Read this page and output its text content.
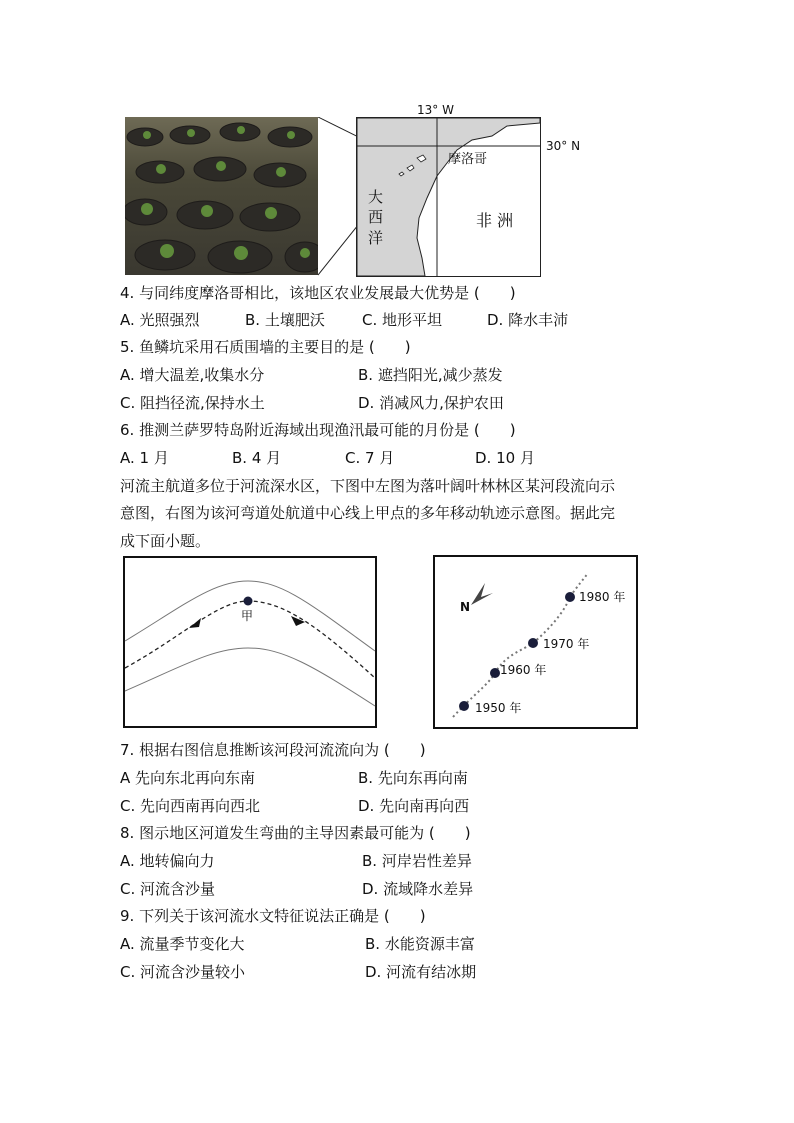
13° W
30° N
摩洛哥
大
西
洋
非 洲
4. 与同纬度摩洛哥相比，该地区农业发展最大优势是 (　　)
A. 光照强烈	B. 土壤肥沃 C. 地形平坦	D. 降水丰沛
5. 鱼鳞坑采用石质围墙的主要目的是 (　　)
A. 增大温差,收集水分	B. 遮挡阳光,减少蒸发
C. 阻挡径流,保持水土	D. 消减风力,保护农田
6. 推测兰萨罗特岛附近海域出现渔汛最可能的月份是 (　　)
A. 1 月	B. 4 月	C. 7 月	D. 10 月
河流主航道多位于河流深水区，下图中左图为落叶阔叶林林区某河段流向示
意图，右图为该河弯道处航道中心线上甲点的多年移动轨迹示意图。据此完
成下面小题。
甲
N
1980 年
1970 年
1960 年
1950 年
7. 根据右图信息推断该河段河流流向为 (　　)
A 先向东北再向东南	B. 先向东再向南
C. 先向西南再向西北	D. 先向南再向西
8. 图示地区河道发生弯曲的主导因素最可能为 (　　)
A. 地转偏向力	B. 河岸岩性差异
C. 河流含沙量	D. 流域降水差异
9. 下列关于该河流水文特征说法正确是 (　　)
A. 流量季节变化大	B. 水能资源丰富
C. 河流含沙量较小	D. 河流有结冰期
